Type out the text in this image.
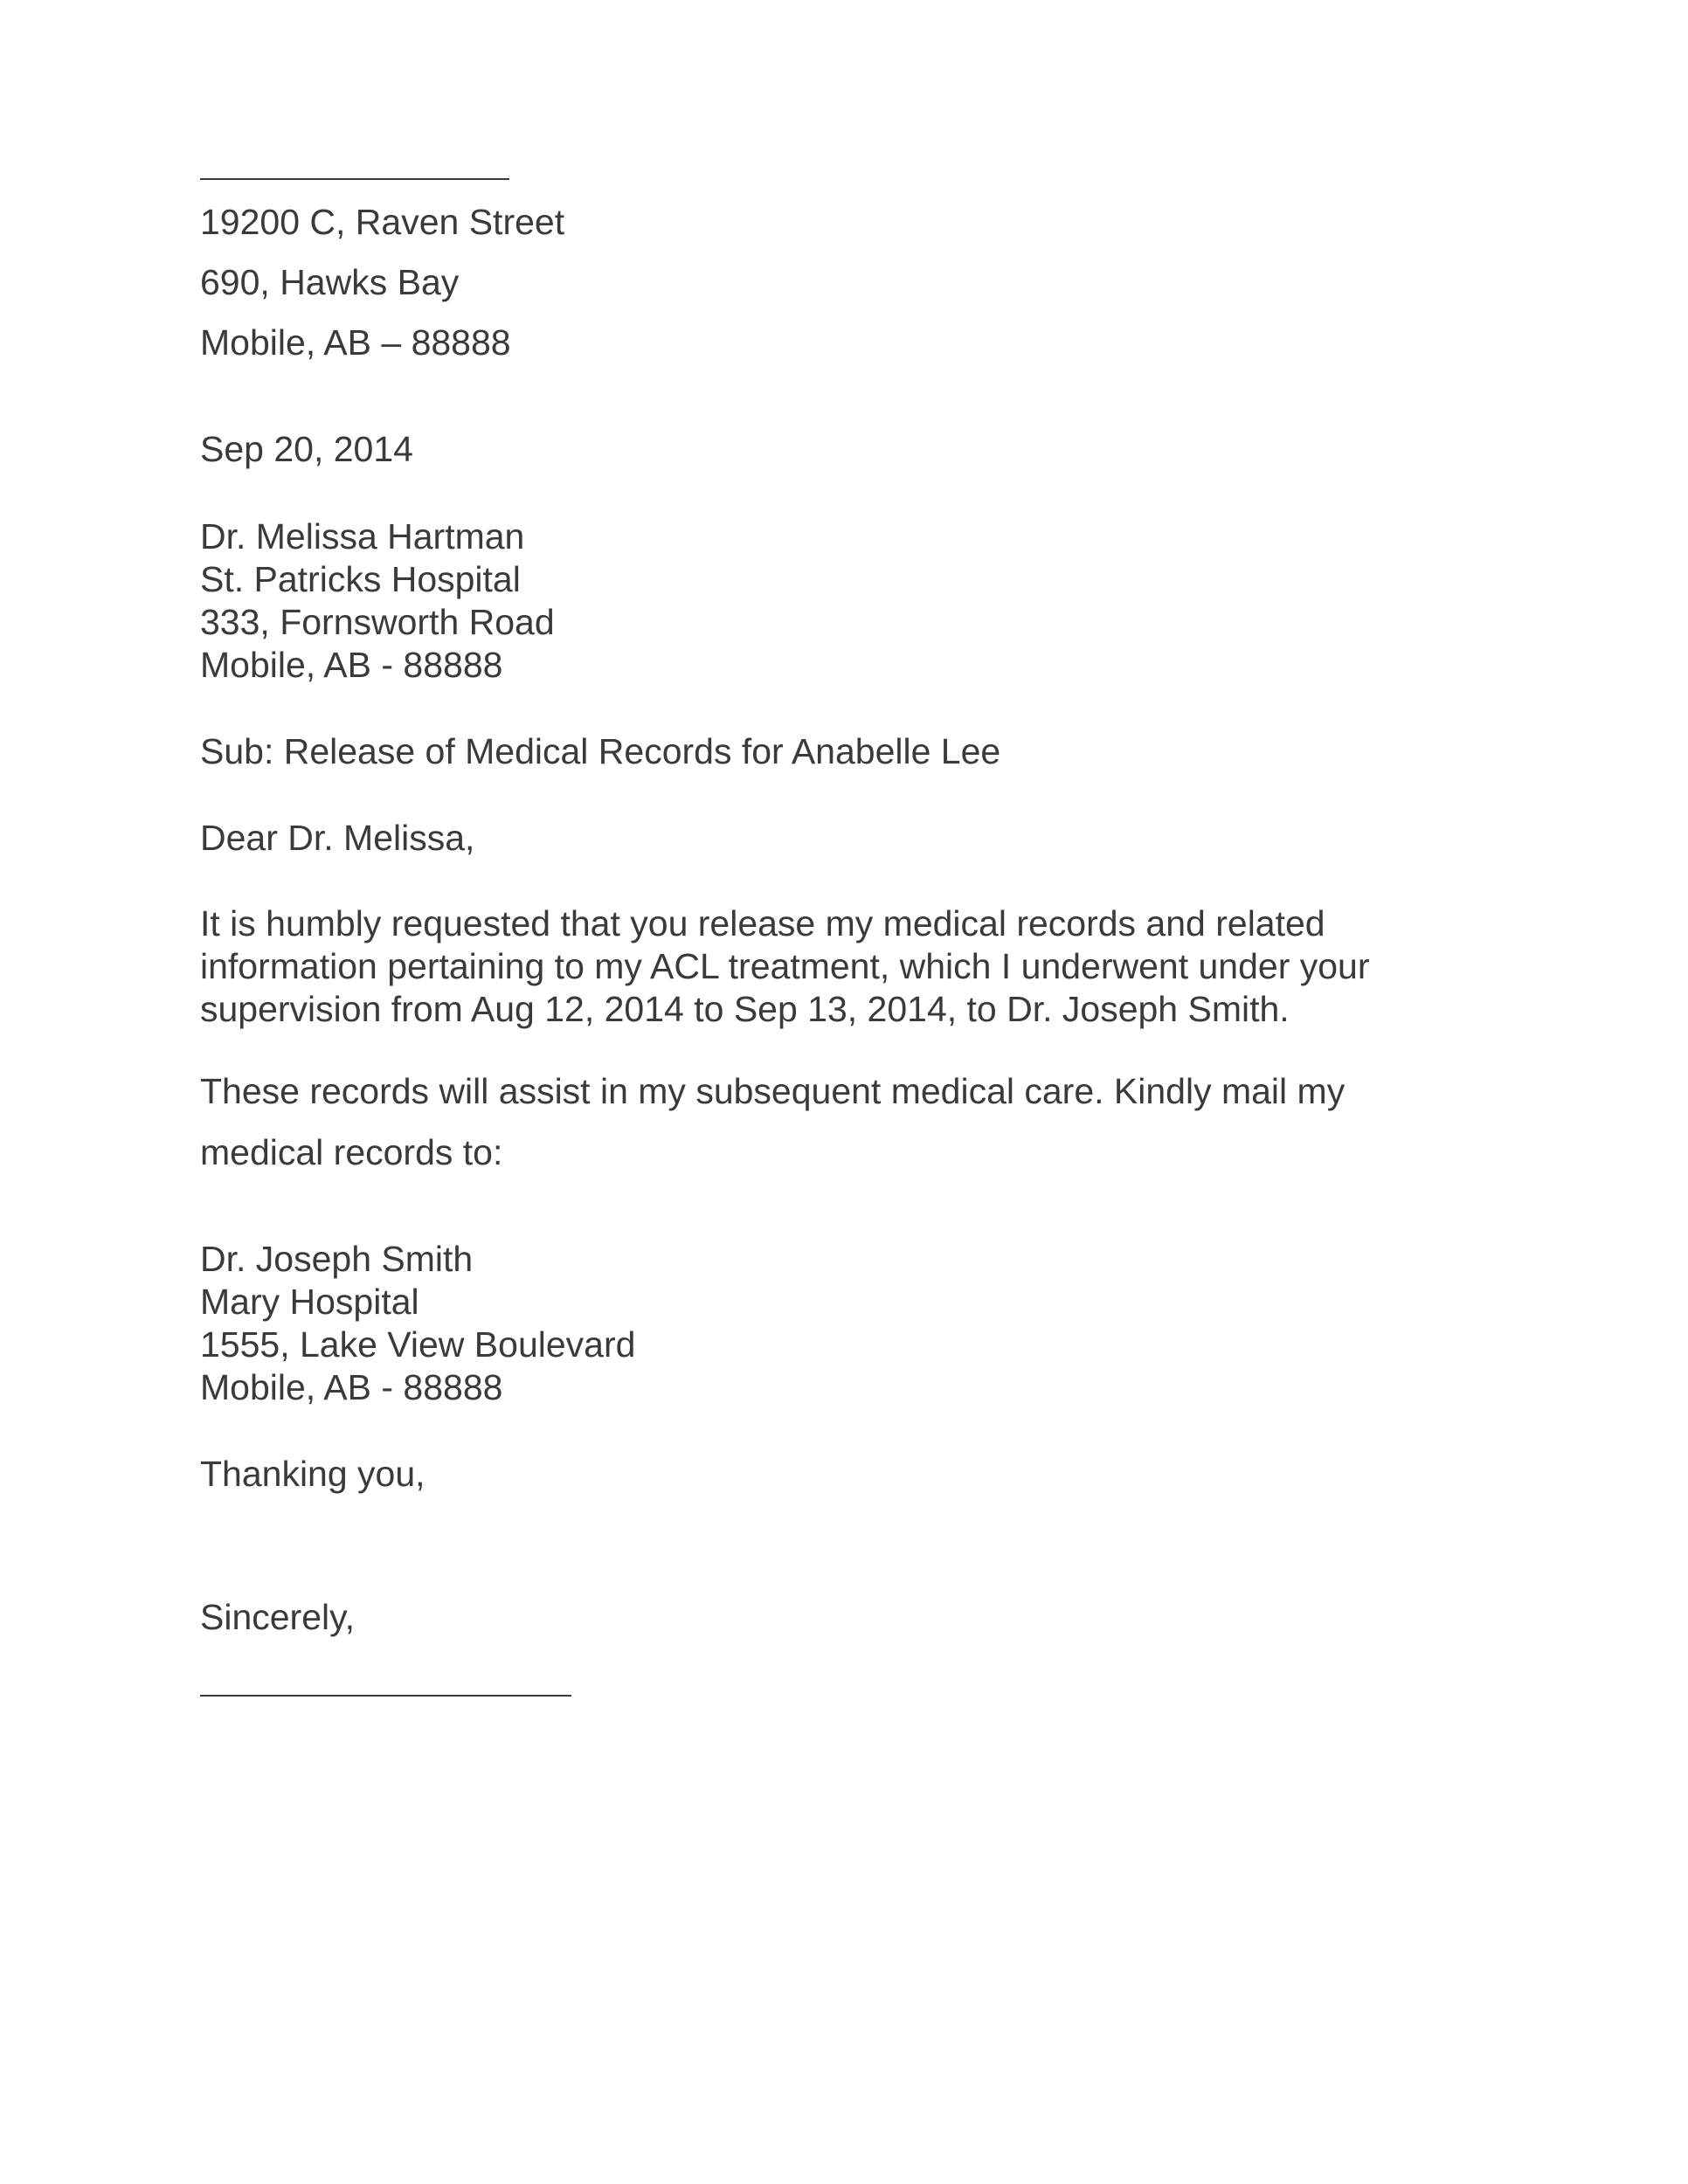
19200 C, Raven Street

690, Hawks Bay

Mobile, AB – 88888

Sep 20, 2014

Dr. Melissa Hartman

St. Patricks Hospital

333, Fornsworth Road

Mobile, AB - 88888

Sub: Release of Medical Records for Anabelle Lee

Dear Dr. Melissa,

It is humbly requested that you release my medical records and related

information pertaining to my ACL treatment, which I underwent under your

supervision from Aug 12, 2014 to Sep 13, 2014, to Dr. Joseph Smith.

These records will assist in my subsequent medical care. Kindly mail my

medical records to:

Dr. Joseph Smith

Mary Hospital

1555, Lake View Boulevard

Mobile, AB - 88888

Thanking you,

Sincerely,
